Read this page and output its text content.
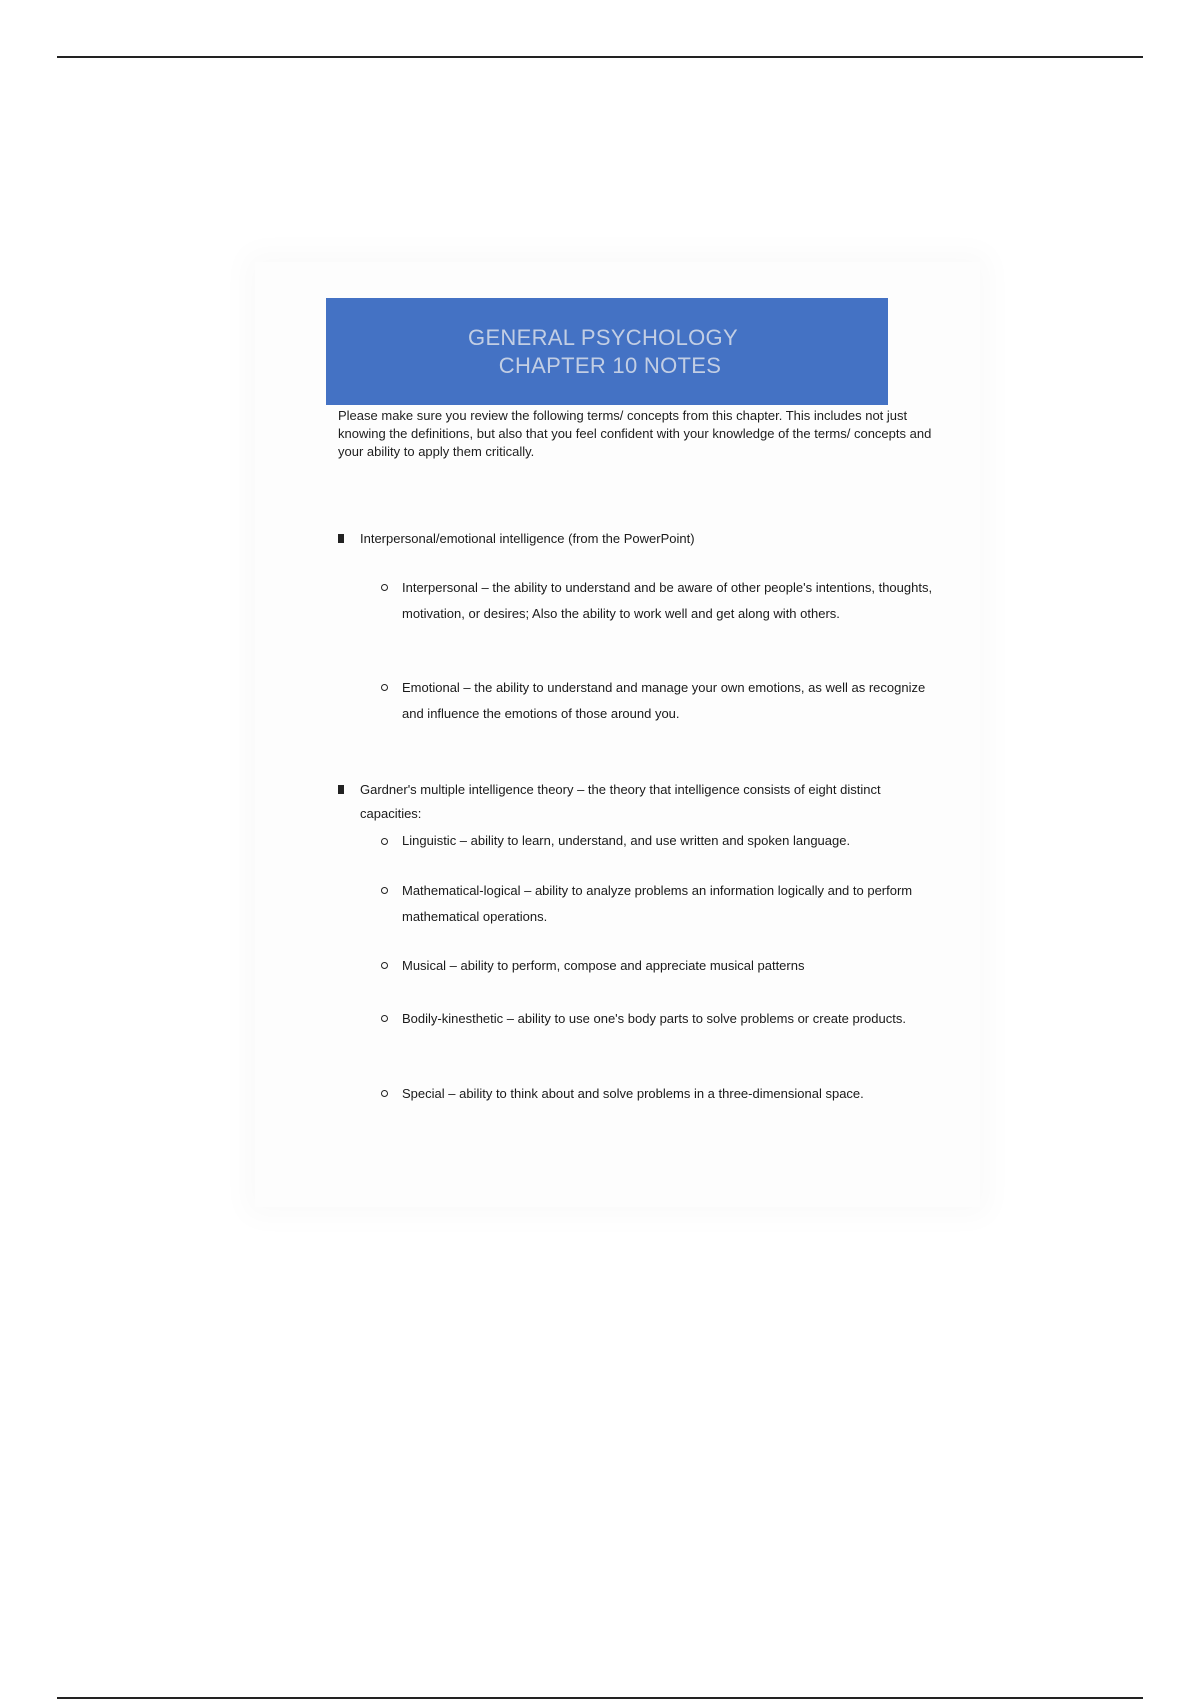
GENERAL PSYCHOLOGY
CHAPTER 10 NOTES
Please make sure you review the following terms/ concepts from this chapter. This includes not just knowing the definitions, but also that you feel confident with your knowledge of the terms/ concepts and your ability to apply them critically.
Interpersonal/emotional intelligence (from the PowerPoint)
Interpersonal – the ability to understand and be aware of other people's intentions, thoughts, motivation, or desires; Also the ability to work well and get along with others.
Emotional – the ability to understand and manage your own emotions, as well as recognize and influence the emotions of those around you.
Gardner's multiple intelligence theory – the theory that intelligence consists of eight distinct capacities:
Linguistic – ability to learn, understand, and use written and spoken language.
Mathematical-logical – ability to analyze problems an information logically and to perform mathematical operations.
Musical – ability to perform, compose and appreciate musical patterns
Bodily-kinesthetic – ability to use one's body parts to solve problems or create products.
Special – ability to think about and solve problems in a three-dimensional space.
